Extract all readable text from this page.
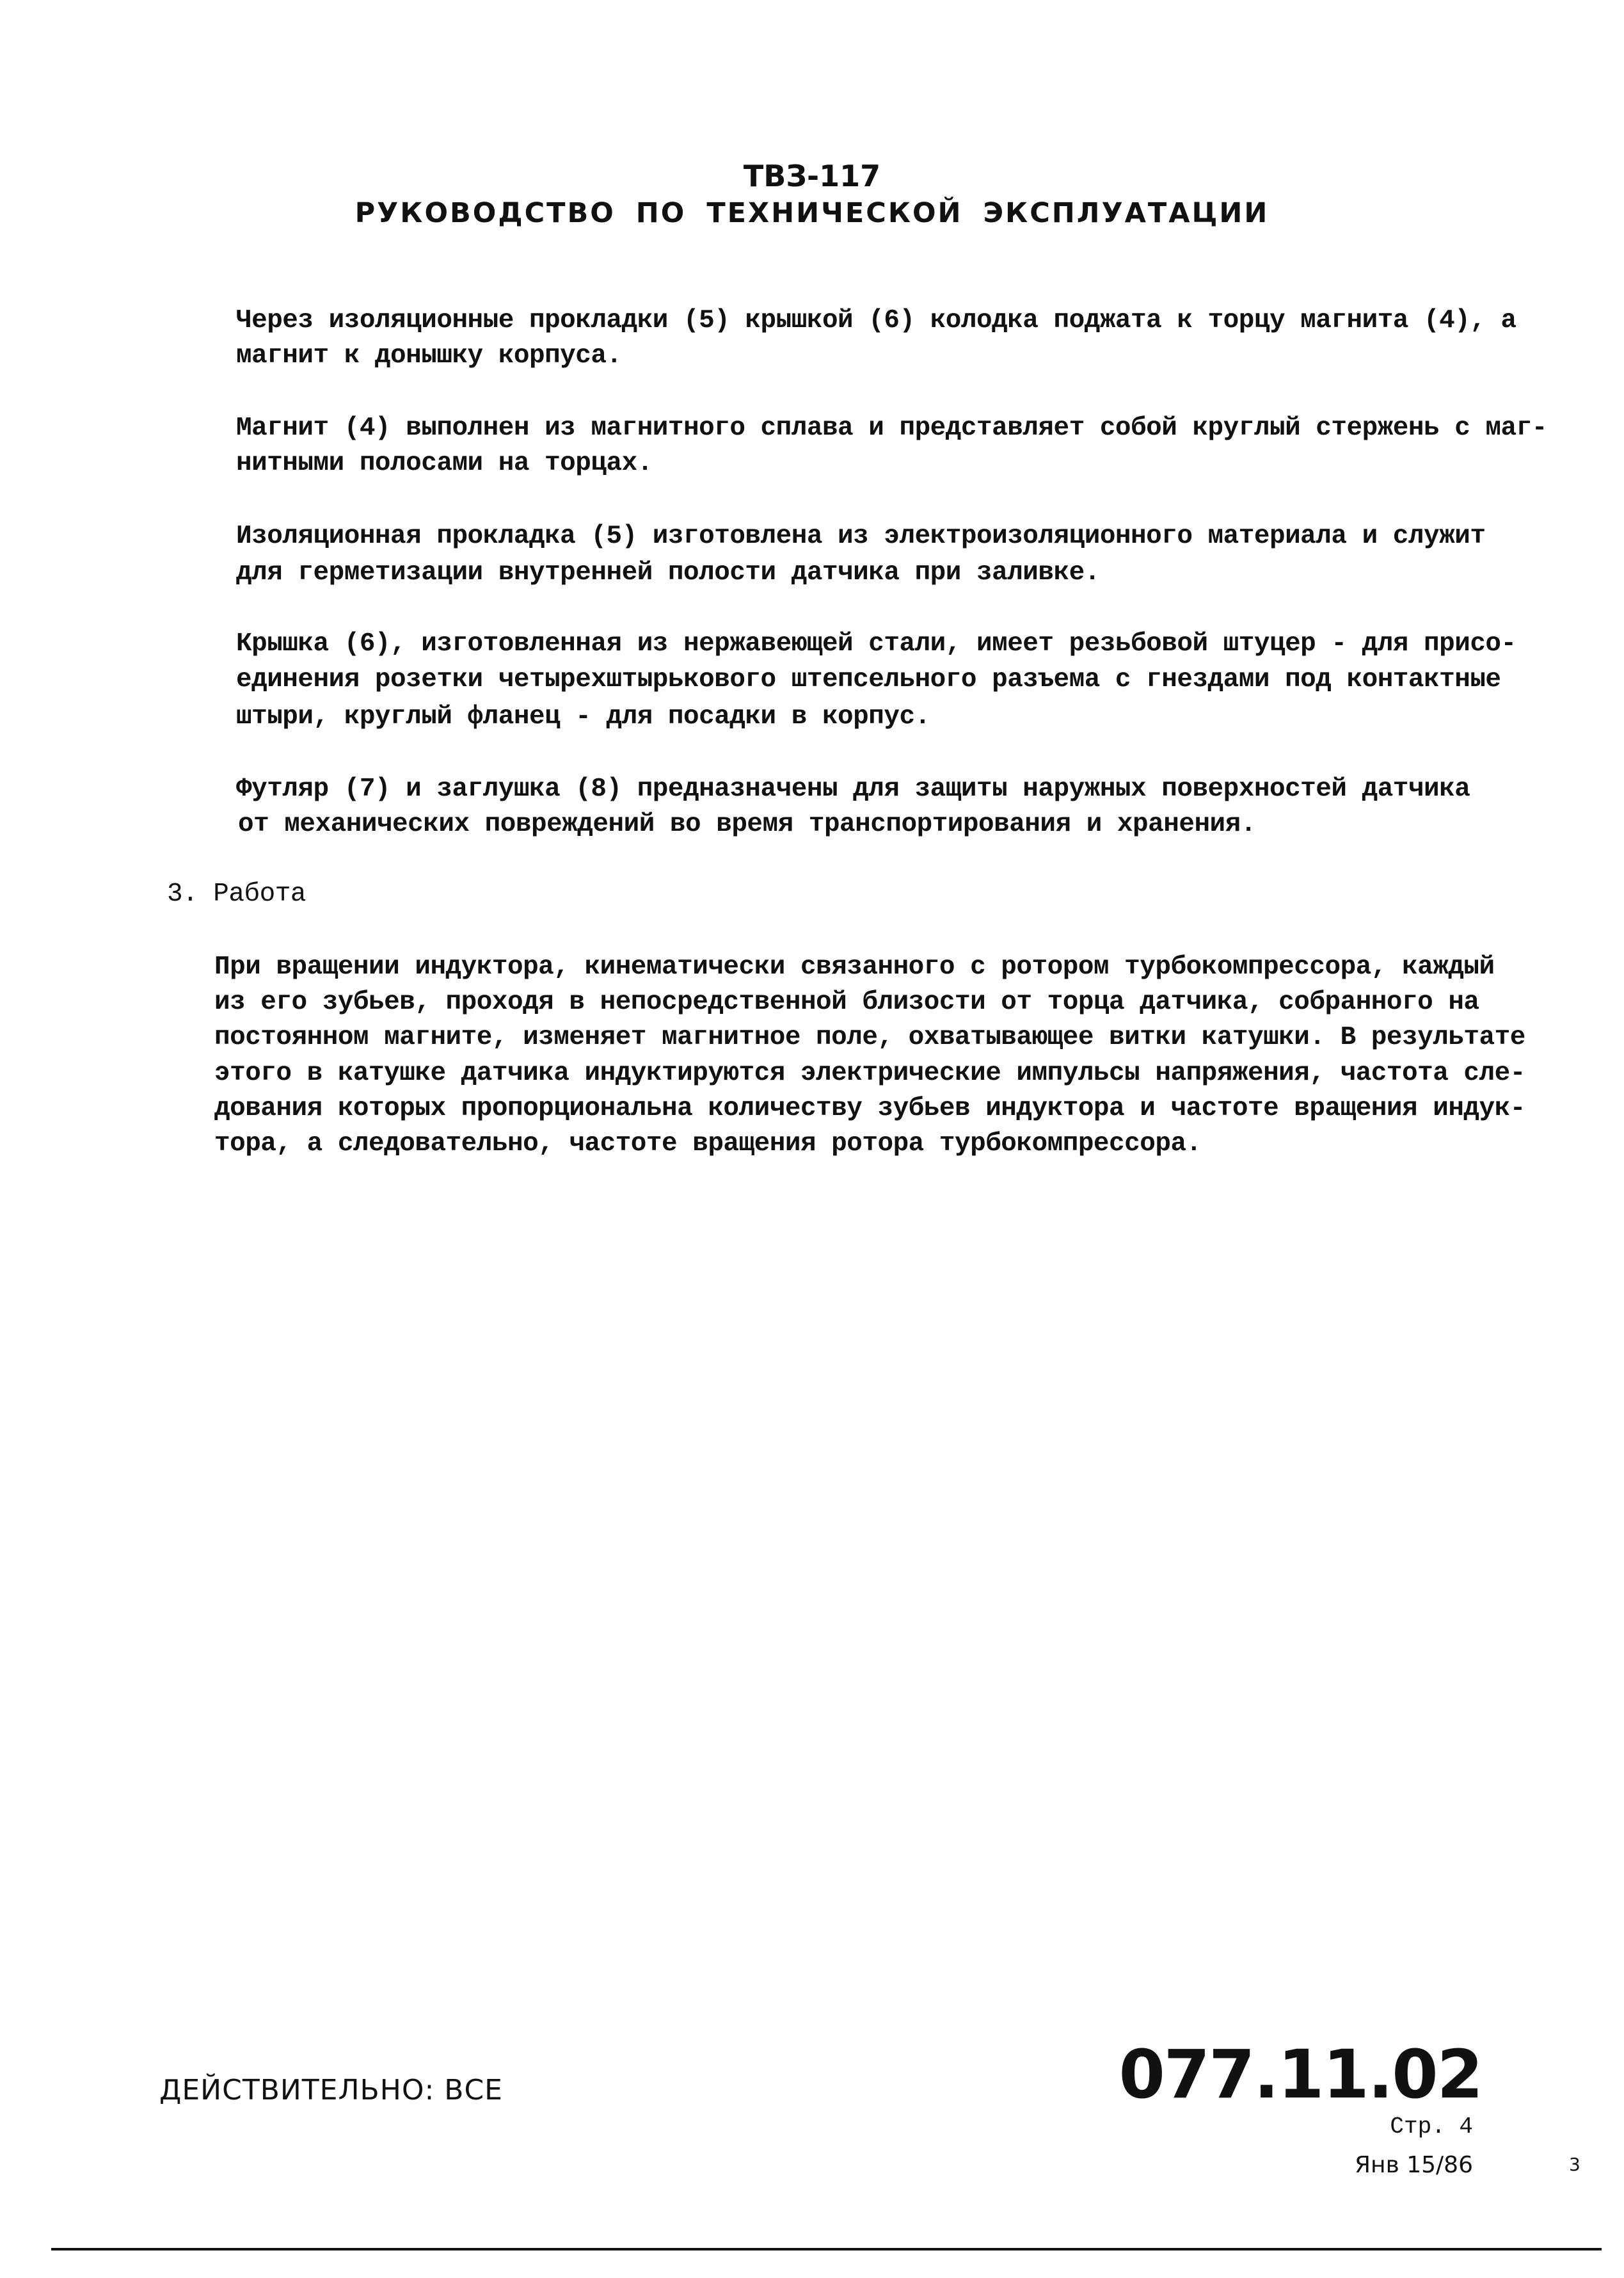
ТВЗ-117
РУКОВОДСТВО ПО ТЕХНИЧЕСКОЙ ЭКСПЛУАТАЦИИ
Через изоляционные прокладки (5) крышкой (6) колодка поджата к торцу магнита (4), а
магнит к донышку корпуса.
Магнит (4) выполнен из магнитного сплава и представляет собой круглый стержень с маг-
нитными полосами на торцах.
Изоляционная прокладка (5) изготовлена из электроизоляционного материала и служит
для герметизации внутренней полости датчика при заливке.
Крышка (6), изготовленная из нержавеющей стали, имеет резьбовой штуцер - для присо-
единения розетки четырехштырькового штепсельного разъема с гнездами под контактные
штыри, круглый фланец - для посадки в корпус.
Футляр (7) и заглушка (8) предназначены для защиты наружных поверхностей датчика
от механических повреждений во время транспортирования и хранения.
3. Работа
При вращении индуктора, кинематически связанного с ротором турбокомпрессора, каждый
из его зубьев, проходя в непосредственной близости от торца датчика, собранного на
постоянном магните, изменяет магнитное поле, охватывающее витки катушки. В результате
этого в катушке датчика индуктируются электрические импульсы напряжения, частота сле-
дования которых пропорциональна количеству зубьев индуктора и частоте вращения индук-
тора, а следовательно, частоте вращения ротора турбокомпрессора.
ДЕЙСТВИТЕЛЬНО: ВСЕ	077.11.02
Стр. 4
Янв 15/86	3
